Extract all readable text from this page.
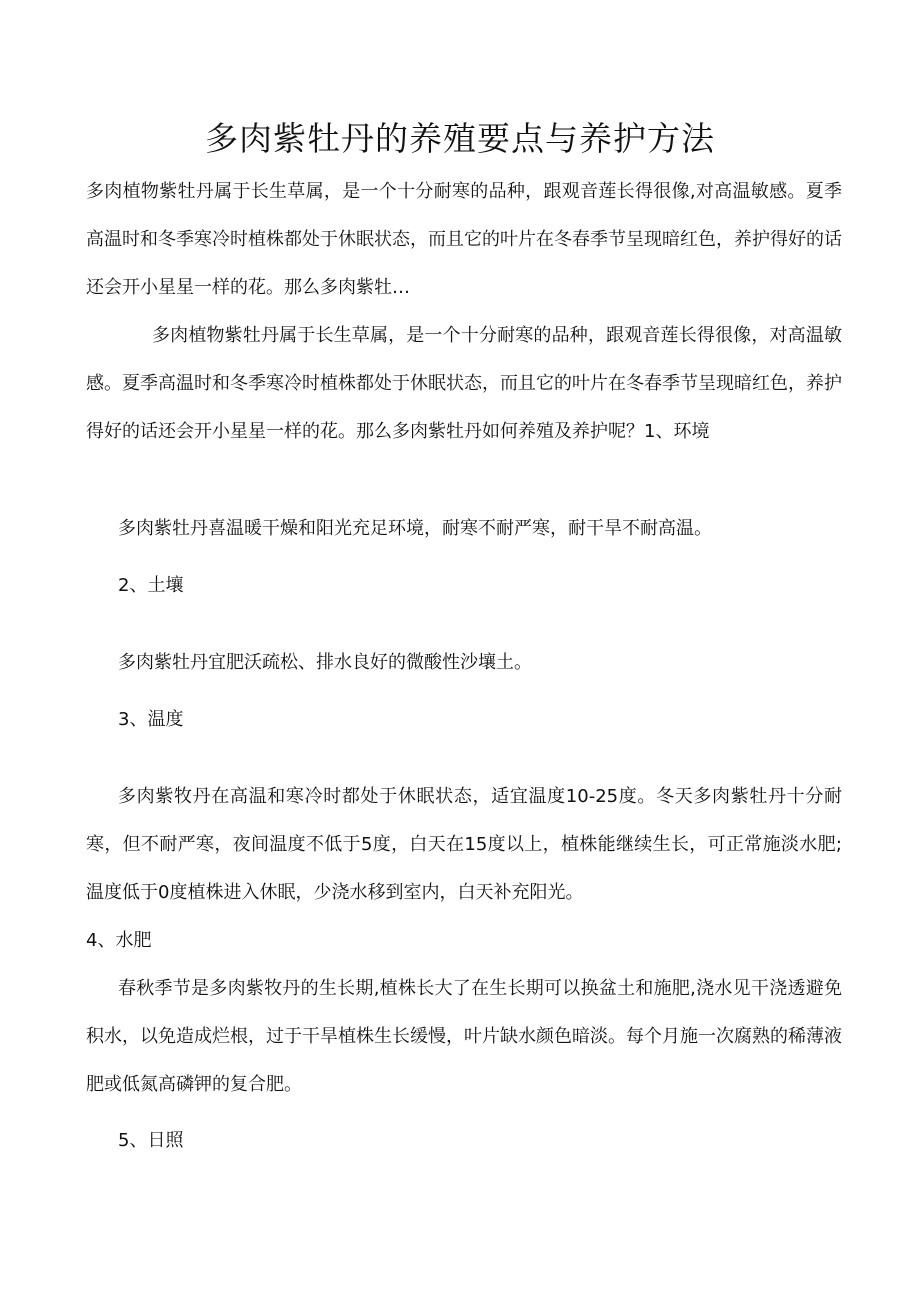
多肉紫牡丹的养殖要点与养护方法

多肉植物紫牡丹属于长生草属，是一个十分耐寒的品种，跟观音莲长得很像,对高温敏感。夏季高温时和冬季寒冷时植株都处于休眠状态，而且它的叶片在冬春季节呈现暗红色，养护得好的话还会开小星星一样的花。那么多肉紫牡…

多肉植物紫牡丹属于长生草属，是一个十分耐寒的品种，跟观音莲长得很像，对高温敏感。夏季高温时和冬季寒冷时植株都处于休眠状态，而且它的叶片在冬春季节呈现暗红色，养护得好的话还会开小星星一样的花。那么多肉紫牡丹如何养殖及养护呢？1、环境

多肉紫牡丹喜温暖干燥和阳光充足环境，耐寒不耐严寒，耐干旱不耐高温。

2、土壤

多肉紫牡丹宜肥沃疏松、排水良好的微酸性沙壤土。

3、温度

多肉紫牧丹在高温和寒冷时都处于休眠状态，适宜温度10-25度。冬天多肉紫牡丹十分耐寒，但不耐严寒，夜间温度不低于5度，白天在15度以上，植株能继续生长，可正常施淡水肥;温度低于0度植株进入休眠，少浇水移到室内，白天补充阳光。

4、水肥

春秋季节是多肉紫牧丹的生长期,植株长大了在生长期可以换盆土和施肥,浇水见干浇透避免积水，以免造成烂根，过于干旱植株生长缓慢，叶片缺水颜色暗淡。每个月施一次腐熟的稀薄液肥或低氮高磷钾的复合肥。

5、日照
